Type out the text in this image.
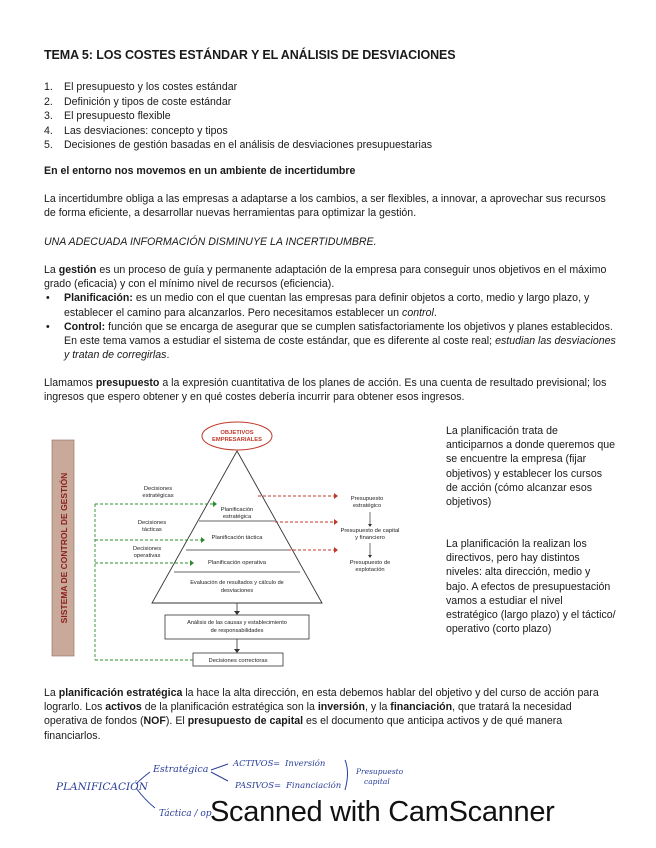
TEMA 5: LOS COSTES ESTÁNDAR Y EL ANÁLISIS DE DESVIACIONES
1. El presupuesto y los costes estándar
2. Definición y tipos de coste estándar
3. El presupuesto flexible
4. Las desviaciones: concepto y tipos
5. Decisiones de gestión basadas en el análisis de desviaciones presupuestarias
En el entorno nos movemos en un ambiente de incertidumbre
La incertidumbre obliga a las empresas a adaptarse a los cambios, a ser flexibles, a innovar, a aprovechar sus recursos de forma eficiente, a desarrollar nuevas herramientas para optimizar la gestión.
UNA ADECUADA INFORMACIÓN DISMINUYE LA INCERTIDUMBRE.
La gestión es un proceso de guía y permanente adaptación de la empresa para conseguir unos objetivos en el máximo grado (eficacia) y con el mínimo nivel de recursos (eficiencia).
• Planificación: es un medio con el que cuentan las empresas para definir objetos a corto, medio y largo plazo, y establecer el camino para alcanzarlos. Pero necesitamos establecer un control.
• Control: función que se encarga de asegurar que se cumplen satisfactoriamente los objetivos y planes establecidos. En este tema vamos a estudiar el sistema de coste estándar, que es diferente al coste real; estudian las desviaciones y tratan de corregirlas.
Llamamos presupuesto a la expresión cuantitativa de los planes de acción. Es una cuenta de resultado previsional; los ingresos que espero obtener y en qué costes debería incurrir para obtener esos ingresos.
SISTEMA DE CONTROL DE GESTIÓN
OBJETIVOS
EMPRESARIALES
Planificación
estratégica
Planificación táctica
Planificación operativa
Evaluación de resultados y cálculo de
desviaciones
Análisis de las causas y establecimiento
de responsabilidades
Decisiones correctoras
Decisiones
estratégicas
Decisiones
tácticas
Decisiones
operativas
Presupuesto
estratégico
Presupuesto de capital
y financiero
Presupuesto de
explotación
La planificación trata de anticiparnos a donde queremos que se encuentre la empresa (fijar objetivos) y establecer los cursos de acción (cómo alcanzar esos objetivos)
La planificación la realizan los directivos, pero hay distintos niveles: alta dirección, medio y bajo. A efectos de presupuestación vamos a estudiar el nivel estratégico (largo plazo) y el táctico/ operativo (corto plazo)
La planificación estratégica la hace la alta dirección, en esta debemos hablar del objetivo y del curso de acción para lograrlo. Los activos de la planificación estratégica son la inversión, y la financiación, que tratará la necesidad operativa de fondos (NOF). El presupuesto de capital es el documento que anticipa activos y de qué manera financiarlos.
PLANIFICACIÓN
Estratégica	ACTIVOS = Inversión
PASIVOS = Financiación
Presupuesto
capital
Táctica / op
Scanned with CamScanner
